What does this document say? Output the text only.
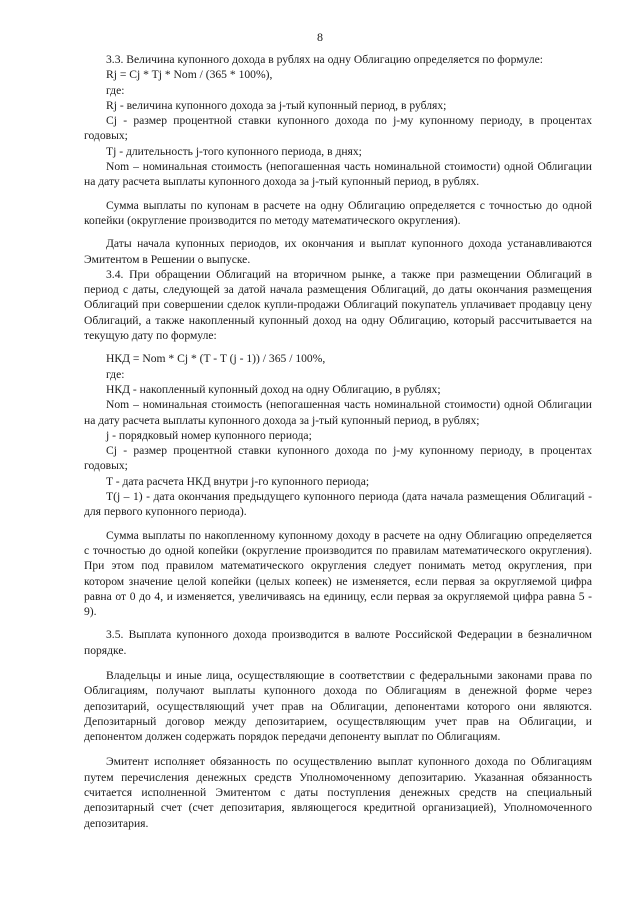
8

3.3. Величина купонного дохода в рублях на одну Облигацию определяется по формуле:

Rj = Cj * Tj * Nom / (365 * 100%),

где:

Rj - величина купонного дохода за j-тый купонный период, в рублях;

Cj - размер процентной ставки купонного дохода по j-му купонному периоду, в процентах годовых;

Tj - длительность j-того купонного периода, в днях;

Nom – номинальная стоимость (непогашенная часть номинальной стоимости) одной Облигации на дату расчета выплаты купонного дохода за j-тый купонный период, в рублях.

Сумма выплаты по купонам в расчете на одну Облигацию определяется с точностью до одной копейки (округление производится по методу математического округления).

Даты начала купонных периодов, их окончания и выплат купонного дохода устанавливаются Эмитентом в Решении о выпуске.

3.4. При обращении Облигаций на вторичном рынке, а также при размещении Облигаций в период с даты, следующей за датой начала размещения Облигаций, до даты окончания размещения Облигаций при совершении сделок купли-продажи Облигаций покупатель уплачивает продавцу цену Облигаций, а также накопленный купонный доход на одну Облигацию, который рассчитывается на текущую дату по формуле:

НКД = Nom * Cj * (T - T (j - 1)) / 365 / 100%,

где:

НКД - накопленный купонный доход на одну Облигацию, в рублях;

Nom – номинальная стоимость (непогашенная часть номинальной стоимости) одной Облигации на дату расчета выплаты купонного дохода за j-тый купонный период, в рублях;

j - порядковый номер купонного периода;

Cj - размер процентной ставки купонного дохода по j-му купонному периоду, в процентах годовых;

T - дата расчета НКД внутри j-го купонного периода;

T(j – 1) - дата окончания предыдущего купонного периода (дата начала размещения Облигаций - для первого купонного периода).

Сумма выплаты по накопленному купонному доходу в расчете на одну Облигацию определяется с точностью до одной копейки (округление производится по правилам математического округления). При этом под правилом математического округления следует понимать метод округления, при котором значение целой копейки (целых копеек) не изменяется, если первая за округляемой цифра равна от 0 до 4, и изменяется, увеличиваясь на единицу, если первая за округляемой цифра равна 5 - 9).

3.5. Выплата купонного дохода производится в валюте Российской Федерации в безналичном порядке.

Владельцы и иные лица, осуществляющие в соответствии с федеральными законами права по Облигациям, получают выплаты купонного дохода по Облигациям в денежной форме через депозитарий, осуществляющий учет прав на Облигации, депонентами которого они являются. Депозитарный договор между депозитарием, осуществляющим учет прав на Облигации, и депонентом должен содержать порядок передачи депоненту выплат по Облигациям.

Эмитент исполняет обязанность по осуществлению выплат купонного дохода по Облигациям путем перечисления денежных средств Уполномоченному депозитарию. Указанная обязанность считается исполненной Эмитентом с даты поступления денежных средств на специальный депозитарный счет (счет депозитария, являющегося кредитной организацией), Уполномоченного депозитария.
